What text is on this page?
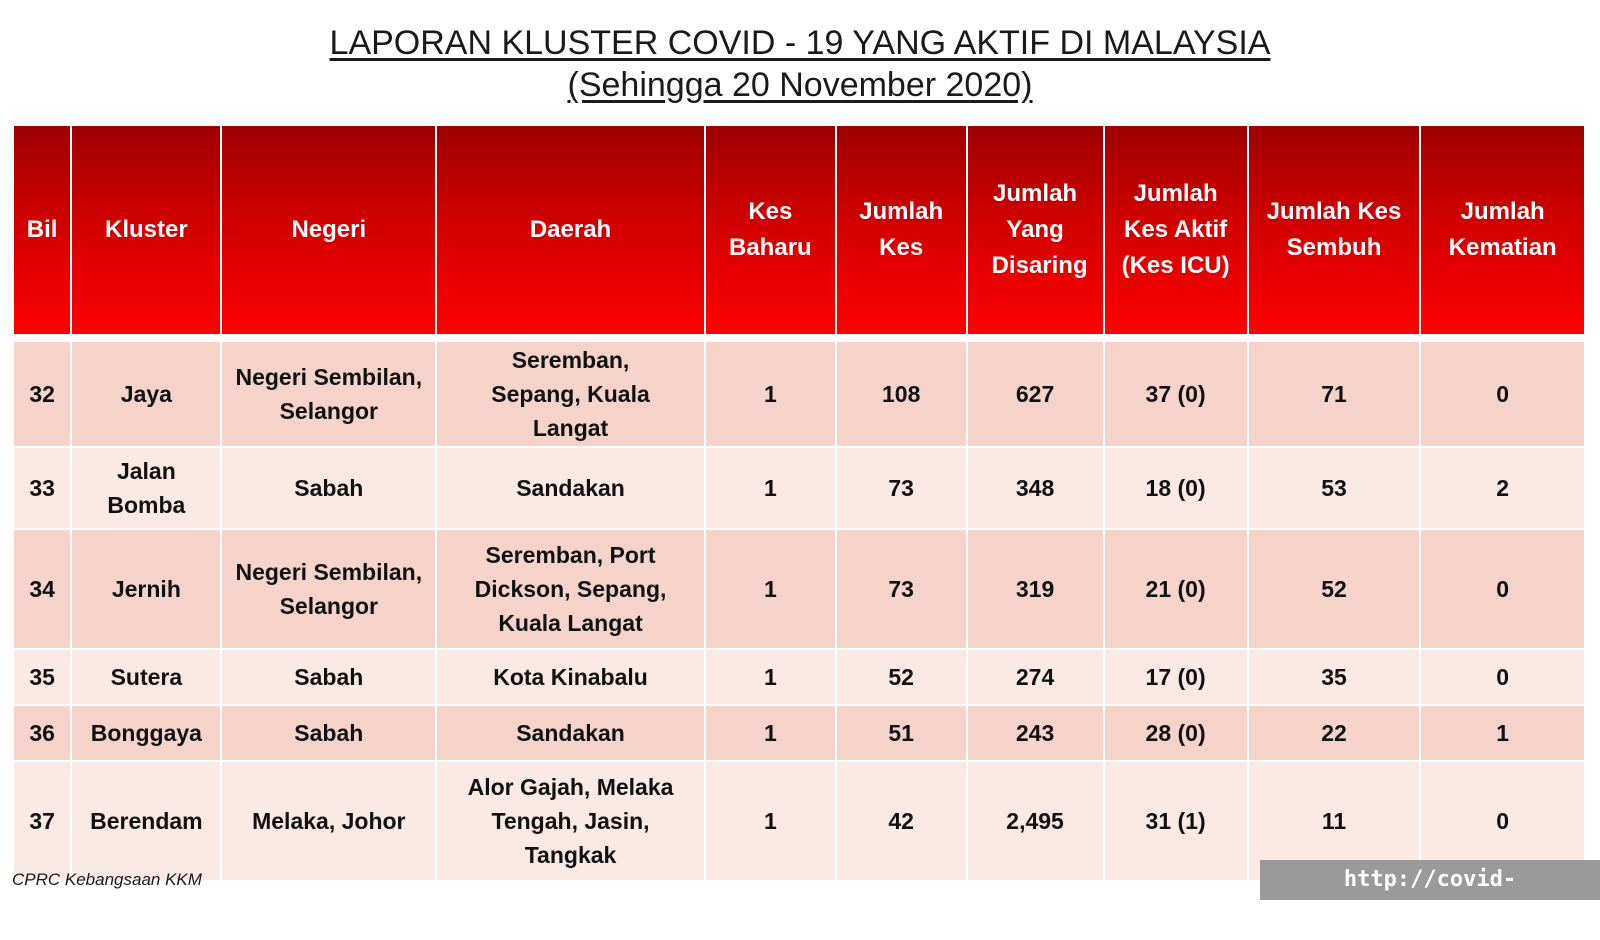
LAPORAN KLUSTER COVID - 19 YANG AKTIF DI MALAYSIA
(Sehingga 20 November 2020)
Bil	Kluster	Negeri	Daerah	Kes Baharu	Jumlah Kes	Jumlah Yang Disaring	Jumlah Kes Aktif (Kes ICU)	Jumlah Kes Sembuh	Jumlah Kematian
32	Jaya	Negeri Sembilan, Selangor	Seremban, Sepang, Kuala Langat	1	108	627	37 (0)	71	0
33	Jalan Bomba	Sabah	Sandakan	1	73	348	18 (0)	53	2
34	Jernih	Negeri Sembilan, Selangor	Seremban, Port Dickson, Sepang, Kuala Langat	1	73	319	21 (0)	52	0
35	Sutera	Sabah	Kota Kinabalu	1	52	274	17 (0)	35	0
36	Bonggaya	Sabah	Sandakan	1	51	243	28 (0)	22	1
37	Berendam	Melaka, Johor	Alor Gajah, Melaka Tengah, Jasin, Tangkak	1	42	2,495	31 (1)	11	0
CPRC Kebangsaan KKM	http://covid-19.moh.gov.my
